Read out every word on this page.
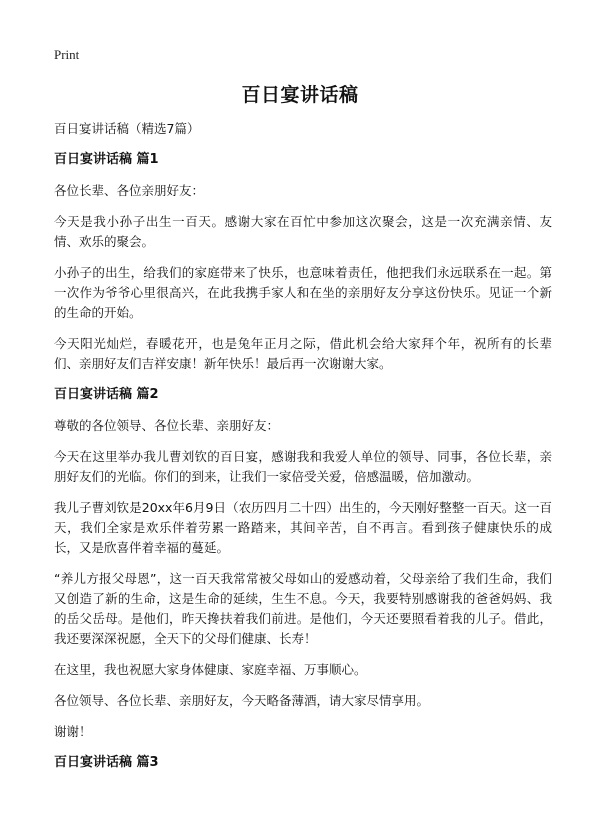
Print
百日宴讲话稿

百日宴讲话稿（精选7篇）

百日宴讲话稿 篇1

各位长辈、各位亲朋好友：

今天是我小孙子出生一百天。感谢大家在百忙中参加这次聚会，这是一次充满亲情、友情、欢乐的聚会。

小孙子的出生，给我们的家庭带来了快乐，也意味着责任，他把我们永远联系在一起。第一次作为爷爷心里很高兴，在此我携手家人和在坐的亲朋好友分享这份快乐。见证一个新的生命的开始。

今天阳光灿烂，春暖花开，也是兔年正月之际，借此机会给大家拜个年，祝所有的长辈们、亲朋好友们吉祥安康！新年快乐！最后再一次谢谢大家。

百日宴讲话稿 篇2

尊敬的各位领导、各位长辈、亲朋好友：

今天在这里举办我儿曹刘钦的百日宴，感谢我和我爱人单位的领导、同事，各位长辈，亲朋好友们的光临。你们的到来，让我们一家倍受关爱，倍感温暖，倍加激动。

我儿子曹刘钦是20xx年6月9日（农历四月二十四）出生的，今天刚好整整一百天。这一百天，我们全家是欢乐伴着劳累一路踏来，其间辛苦，自不再言。看到孩子健康快乐的成长，又是欣喜伴着幸福的蔓延。

“养儿方报父母恩”，这一百天我常常被父母如山的爱感动着，父母亲给了我们生命，我们又创造了新的生命，这是生命的延续，生生不息。今天，我要特别感谢我的爸爸妈妈、我的岳父岳母。是他们，昨天搀扶着我们前进。是他们，今天还要照看着我的儿子。借此，我还要深深祝愿，全天下的父母们健康、长寿！

在这里，我也祝愿大家身体健康、家庭幸福、万事顺心。

各位领导、各位长辈、亲朋好友，今天略备薄酒，请大家尽情享用。

谢谢！

百日宴讲话稿 篇3
